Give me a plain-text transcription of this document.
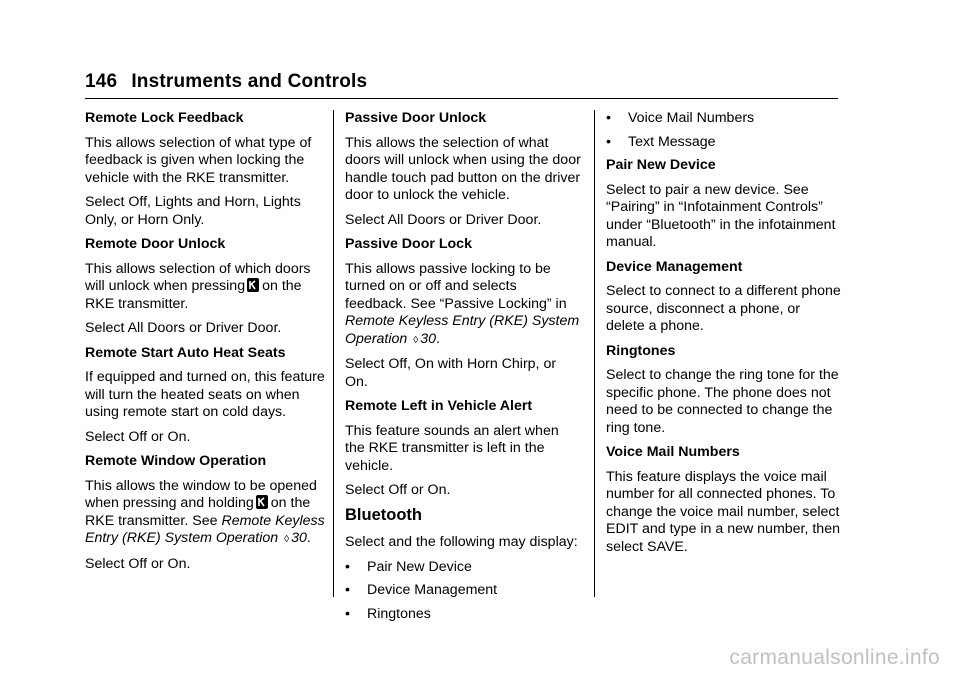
146 Instruments and Controls

Remote Lock Feedback

This allows selection of what type of feedback is given when locking the vehicle with the RKE transmitter.

Select Off, Lights and Horn, Lights Only, or Horn Only.

Remote Door Unlock

This allows selection of which doors will unlock when pressing on the RKE transmitter.

Select All Doors or Driver Door.

Remote Start Auto Heat Seats

If equipped and turned on, this feature will turn the heated seats on when using remote start on cold days.

Select Off or On.

Remote Window Operation

This allows the window to be opened when pressing and holding on the RKE transmitter. See Remote Keyless Entry (RKE) System Operation ◊ 30.

Select Off or On.

Passive Door Unlock

This allows the selection of what doors will unlock when using the door handle touch pad button on the driver door to unlock the vehicle.

Select All Doors or Driver Door.

Passive Door Lock

This allows passive locking to be turned on or off and selects feedback. See “Passive Locking” in Remote Keyless Entry (RKE) System Operation ◊ 30.

Select Off, On with Horn Chirp, or On.

Remote Left in Vehicle Alert

This feature sounds an alert when the RKE transmitter is left in the vehicle.

Select Off or On.

Bluetooth

Select and the following may display:

• Pair New Device

• Device Management

• Ringtones

• Voice Mail Numbers

• Text Message

Pair New Device

Select to pair a new device. See “Pairing” in “Infotainment Controls” under “Bluetooth” in the infotainment manual.

Device Management

Select to connect to a different phone source, disconnect a phone, or delete a phone.

Ringtones

Select to change the ring tone for the specific phone. The phone does not need to be connected to change the ring tone.

Voice Mail Numbers

This feature displays the voice mail number for all connected phones. To change the voice mail number, select EDIT and type in a new number, then select SAVE.

carmanualsonline.info
